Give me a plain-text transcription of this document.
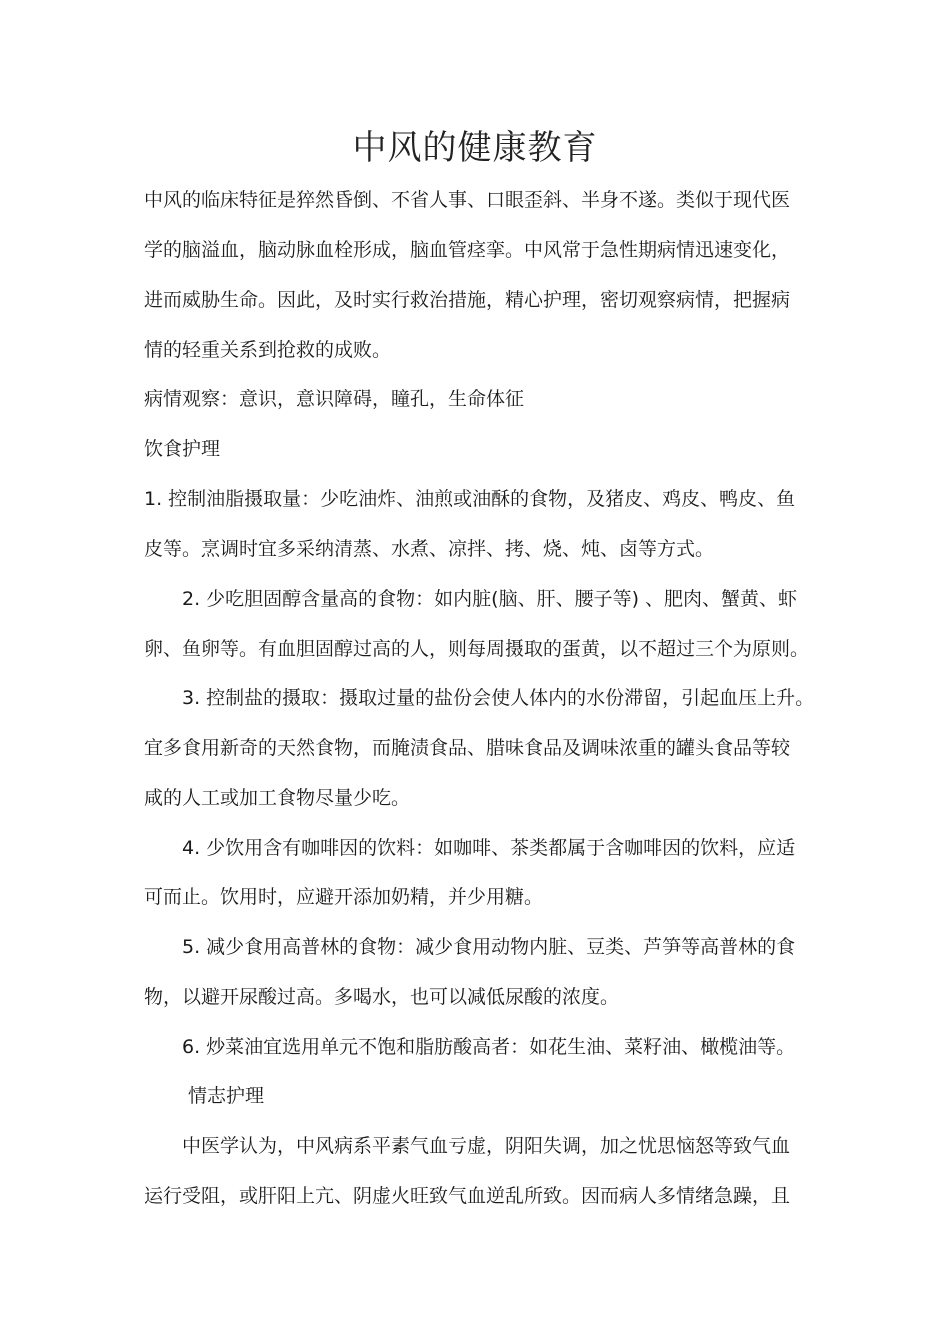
中风的健康教育
中风的临床特征是猝然昏倒、不省人事、口眼歪斜、半身不遂。类似于现代医
学的脑溢血，脑动脉血栓形成，脑血管痉挛。中风常于急性期病情迅速变化，
进而威胁生命。因此，及时实行救治措施，精心护理，密切观察病情，把握病
情的轻重关系到抢救的成败。
病情观察：意识，意识障碍，瞳孔，生命体征
饮食护理
1. 控制油脂摄取量：少吃油炸、油煎或油酥的食物，及猪皮、鸡皮、鸭皮、鱼
皮等。烹调时宜多采纳清蒸、水煮、凉拌、拷、烧、炖、卤等方式。
2. 少吃胆固醇含量高的食物：如内脏(脑、肝、腰子等) 、肥肉、蟹黄、虾
卵、鱼卵等。有血胆固醇过高的人，则每周摄取的蛋黄，以不超过三个为原则。
3. 控制盐的摄取：摄取过量的盐份会使人体内的水份滞留，引起血压上升。
宜多食用新奇的天然食物，而腌渍食品、腊味食品及调味浓重的罐头食品等较
咸的人工或加工食物尽量少吃。
4. 少饮用含有咖啡因的饮料：如咖啡、茶类都属于含咖啡因的饮料，应适
可而止。饮用时，应避开添加奶精，并少用糖。
5. 减少食用高普林的食物：减少食用动物内脏、豆类、芦笋等高普林的食
物，以避开尿酸过高。多喝水，也可以减低尿酸的浓度。
6. 炒菜油宜选用单元不饱和脂肪酸高者：如花生油、菜籽油、橄榄油等。
情志护理
中医学认为，中风病系平素气血亏虚，阴阳失调，加之忧思恼怒等致气血
运行受阻，或肝阳上亢、阴虚火旺致气血逆乱所致。因而病人多情绪急躁，且
